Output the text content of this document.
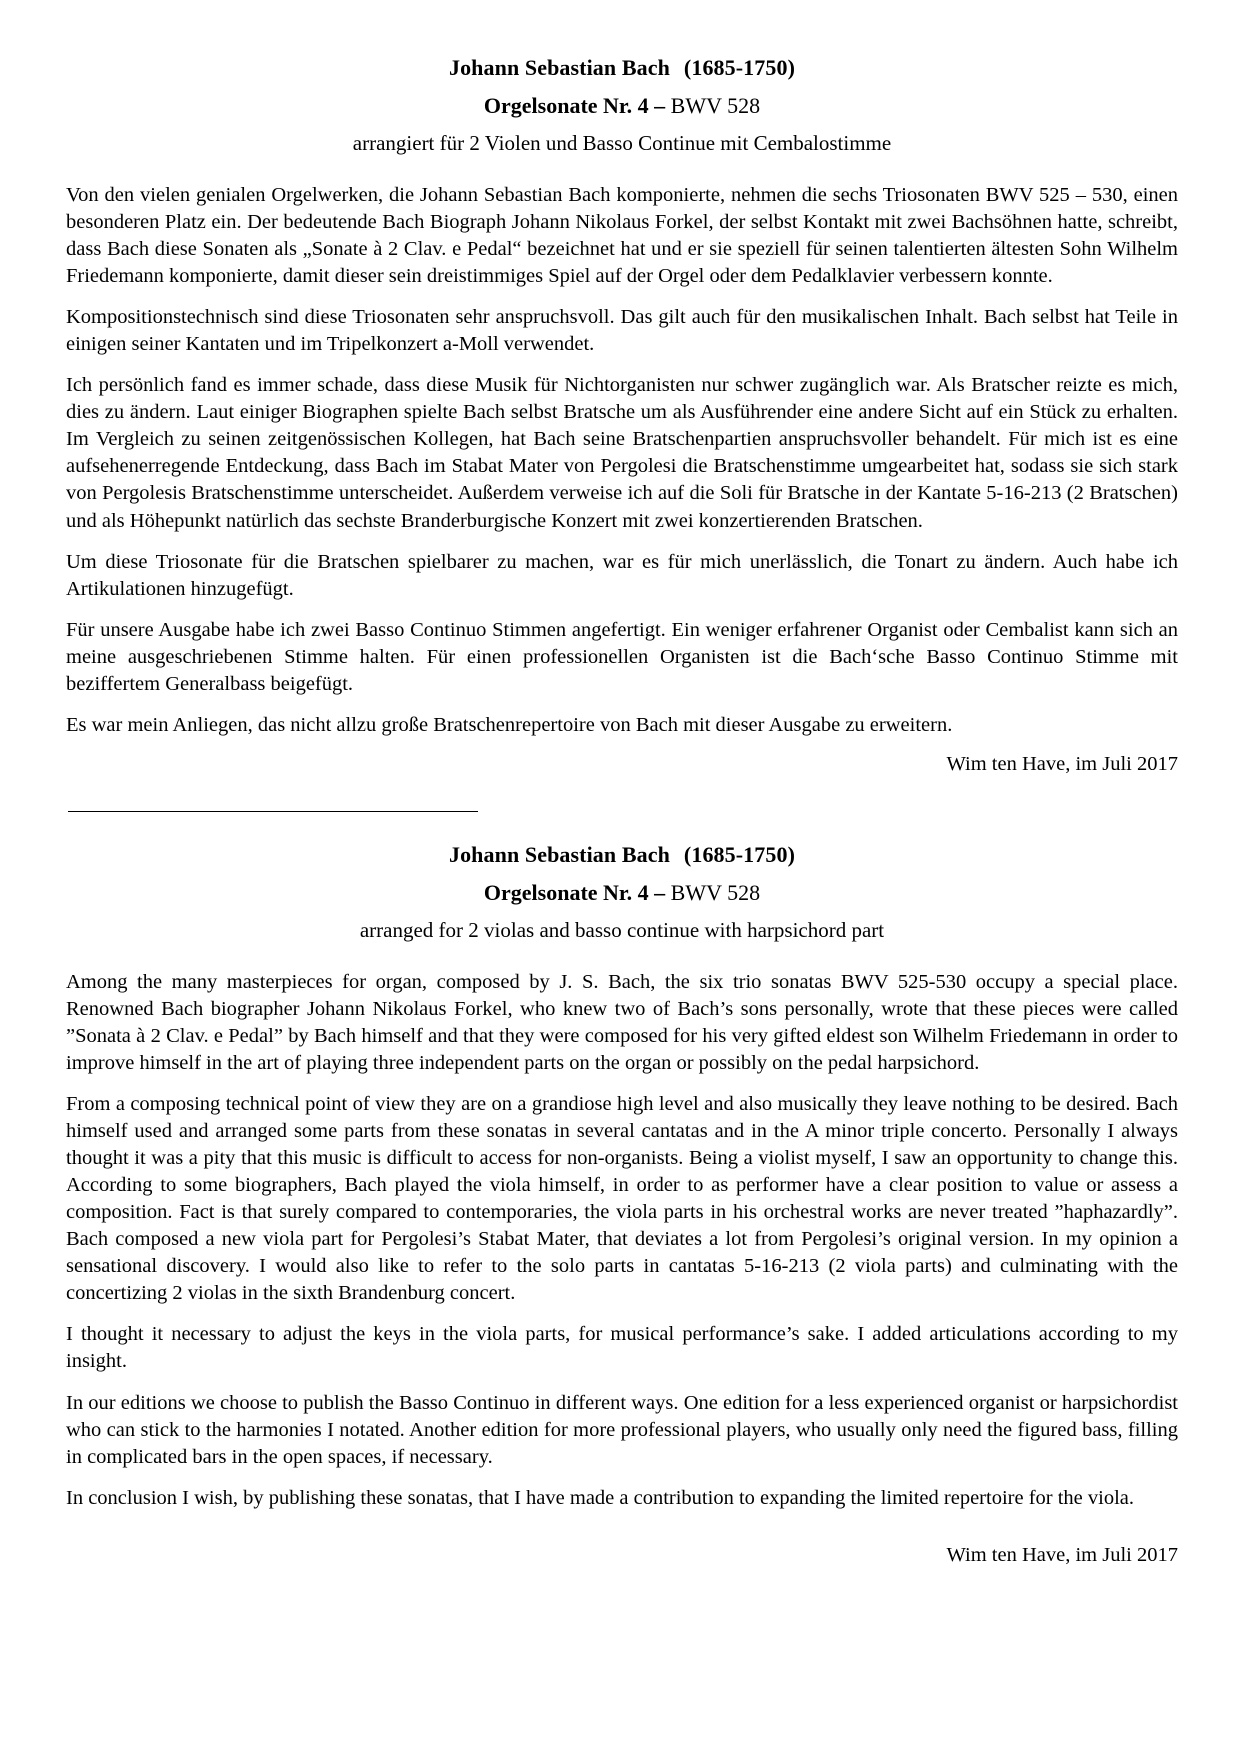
Johann Sebastian Bach (1685-1750)
Orgelsonate Nr. 4 – BWV 528
arrangiert für 2 Violen und Basso Continue mit Cembalostimme

Von den vielen genialen Orgelwerken, die Johann Sebastian Bach komponierte, nehmen die sechs Triosonaten BWV 525 – 530, einen besonderen Platz ein. Der bedeutende Bach Biograph Johann Nikolaus Forkel, der selbst Kontakt mit zwei Bachsöhnen hatte, schreibt, dass Bach diese Sonaten als „Sonate à 2 Clav. e Pedal“ bezeichnet hat und er sie speziell für seinen talentierten ältesten Sohn Wilhelm Friedemann komponierte, damit dieser sein dreistimmiges Spiel auf der Orgel oder dem Pedalklavier verbessern konnte.

Kompositionstechnisch sind diese Triosonaten sehr anspruchsvoll. Das gilt auch für den musikalischen Inhalt. Bach selbst hat Teile in einigen seiner Kantaten und im Tripelkonzert a-Moll verwendet.

Ich persönlich fand es immer schade, dass diese Musik für Nichtorganisten nur schwer zugänglich war. Als Bratscher reizte es mich, dies zu ändern. Laut einiger Biographen spielte Bach selbst Bratsche um als Ausführender eine andere Sicht auf ein Stück zu erhalten. Im Vergleich zu seinen zeitgenössischen Kollegen, hat Bach seine Bratschenpartien anspruchsvoller behandelt. Für mich ist es eine aufsehenerregende Entdeckung, dass Bach im Stabat Mater von Pergolesi die Bratschenstimme umgearbeitet hat, sodass sie sich stark von Pergolesis Bratschenstimme unterscheidet. Außerdem verweise ich auf die Soli für Bratsche in der Kantate 5-16-213 (2 Bratschen) und als Höhepunkt natürlich das sechste Branderburgische Konzert mit zwei konzertierenden Bratschen.

Um diese Triosonate für die Bratschen spielbarer zu machen, war es für mich unerlässlich, die Tonart zu ändern. Auch habe ich Artikulationen hinzugefügt.

Für unsere Ausgabe habe ich zwei Basso Continuo Stimmen angefertigt. Ein weniger erfahrener Organist oder Cembalist kann sich an meine ausgeschriebenen Stimme halten. Für einen professionellen Organisten ist die Bach‘sche Basso Continuo Stimme mit beziffertem Generalbass beigefügt.

Es war mein Anliegen, das nicht allzu große Bratschenrepertoire von Bach mit dieser Ausgabe zu erweitern.

Wim ten Have, im Juli 2017
Johann Sebastian Bach (1685-1750)
Orgelsonate Nr. 4 – BWV 528
arranged for 2 violas and basso continue with harpsichord part

Among the many masterpieces for organ, composed by J. S. Bach, the six trio sonatas BWV 525-530 occupy a special place. Renowned Bach biographer Johann Nikolaus Forkel, who knew two of Bach’s sons personally, wrote that these pieces were called ”Sonata à 2 Clav. e Pedal” by Bach himself and that they were composed for his very gifted eldest son Wilhelm Friedemann in order to improve himself in the art of playing three independent parts on the organ or possibly on the pedal harpsichord.

From a composing technical point of view they are on a grandiose high level and also musically they leave nothing to be desired. Bach himself used and arranged some parts from these sonatas in several cantatas and in the A minor triple concerto. Personally I always thought it was a pity that this music is difficult to access for non-organists. Being a violist myself, I saw an opportunity to change this. According to some biographers, Bach played the viola himself, in order to as performer have a clear position to value or assess a composition. Fact is that surely compared to contemporaries, the viola parts in his orchestral works are never treated ”haphazardly”. Bach composed a new viola part for Pergolesi’s Stabat Mater, that deviates a lot from Pergolesi’s original version. In my opinion a sensational discovery. I would also like to refer to the solo parts in cantatas 5-16-213 (2 viola parts) and culminating with the concertizing 2 violas in the sixth Brandenburg concert.

I thought it necessary to adjust the keys in the viola parts, for musical performance’s sake. I added articulations according to my insight.

In our editions we choose to publish the Basso Continuo in different ways. One edition for a less experienced organist or harpsichordist who can stick to the harmonies I notated. Another edition for more professional players, who usually only need the figured bass, filling in complicated bars in the open spaces, if necessary.

In conclusion I wish, by publishing these sonatas, that I have made a contribution to expanding the limited repertoire for the viola.

Wim ten Have, im Juli 2017
